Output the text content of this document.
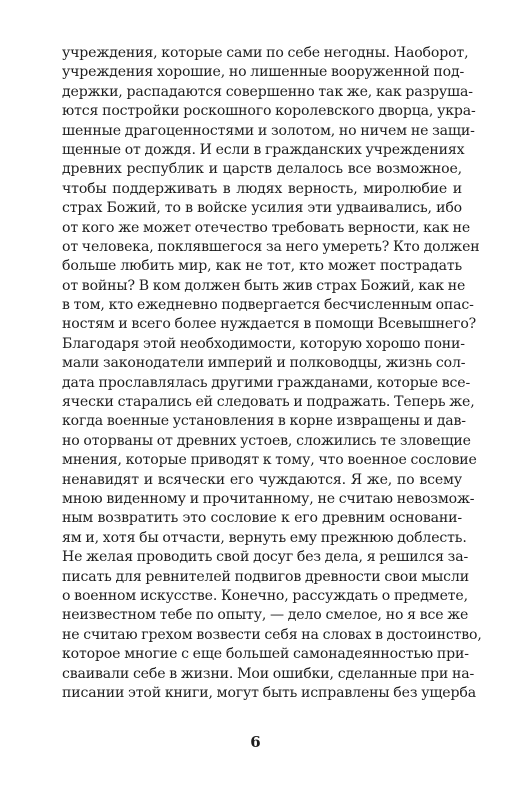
учреждения, которые сами по себе негодны. Наоборот,
учреждения хорошие, но лишенные вооруженной под-
держки, распадаются совершенно так же, как разруша-
ются постройки роскошного королевского дворца, укра-
шенные драгоценностями и золотом, но ничем не защи-
щенные от дождя. И если в гражданских учреждениях
древних республик и царств делалось все возможное,
чтобы поддерживать в людях верность, миролюбие и
страх Божий, то в войске усилия эти удваивались, ибо
от кого же может отечество требовать верности, как не
от человека, поклявшегося за него умереть? Кто должен
больше любить мир, как не тот, кто может пострадать
от войны? В ком должен быть жив страх Божий, как не
в том, кто ежедневно подвергается бесчисленным опас-
ностям и всего более нуждается в помощи Всевышнего?
Благодаря этой необходимости, которую хорошо пони-
мали законодатели империй и полководцы, жизнь сол-
дата прославлялась другими гражданами, которые все-
ячески старались ей следовать и подражать. Теперь же,
когда военные установления в корне извращены и дав-
но оторваны от древних устоев, сложились те зловещие
мнения, которые приводят к тому, что военное сословие
ненавидят и всячески его чуждаются. Я же, по всему
мною виденному и прочитанному, не считаю невозмож-
ным возвратить это сословие к его древним основани-
ям и, хотя бы отчасти, вернуть ему прежнюю доблесть.
Не желая проводить свой досуг без дела, я решился за-
писать для ревнителей подвигов древности свои мысли
о военном искусстве. Конечно, рассуждать о предмете,
неизвестном тебе по опыту, — дело смелое, но я все же
не считаю грехом возвести себя на словах в достоинство,
которое многие с еще большей самонадеянностью при-
сваивали себе в жизни. Мои ошибки, сделанные при на-
писании этой книги, могут быть исправлены без ущерба
6
